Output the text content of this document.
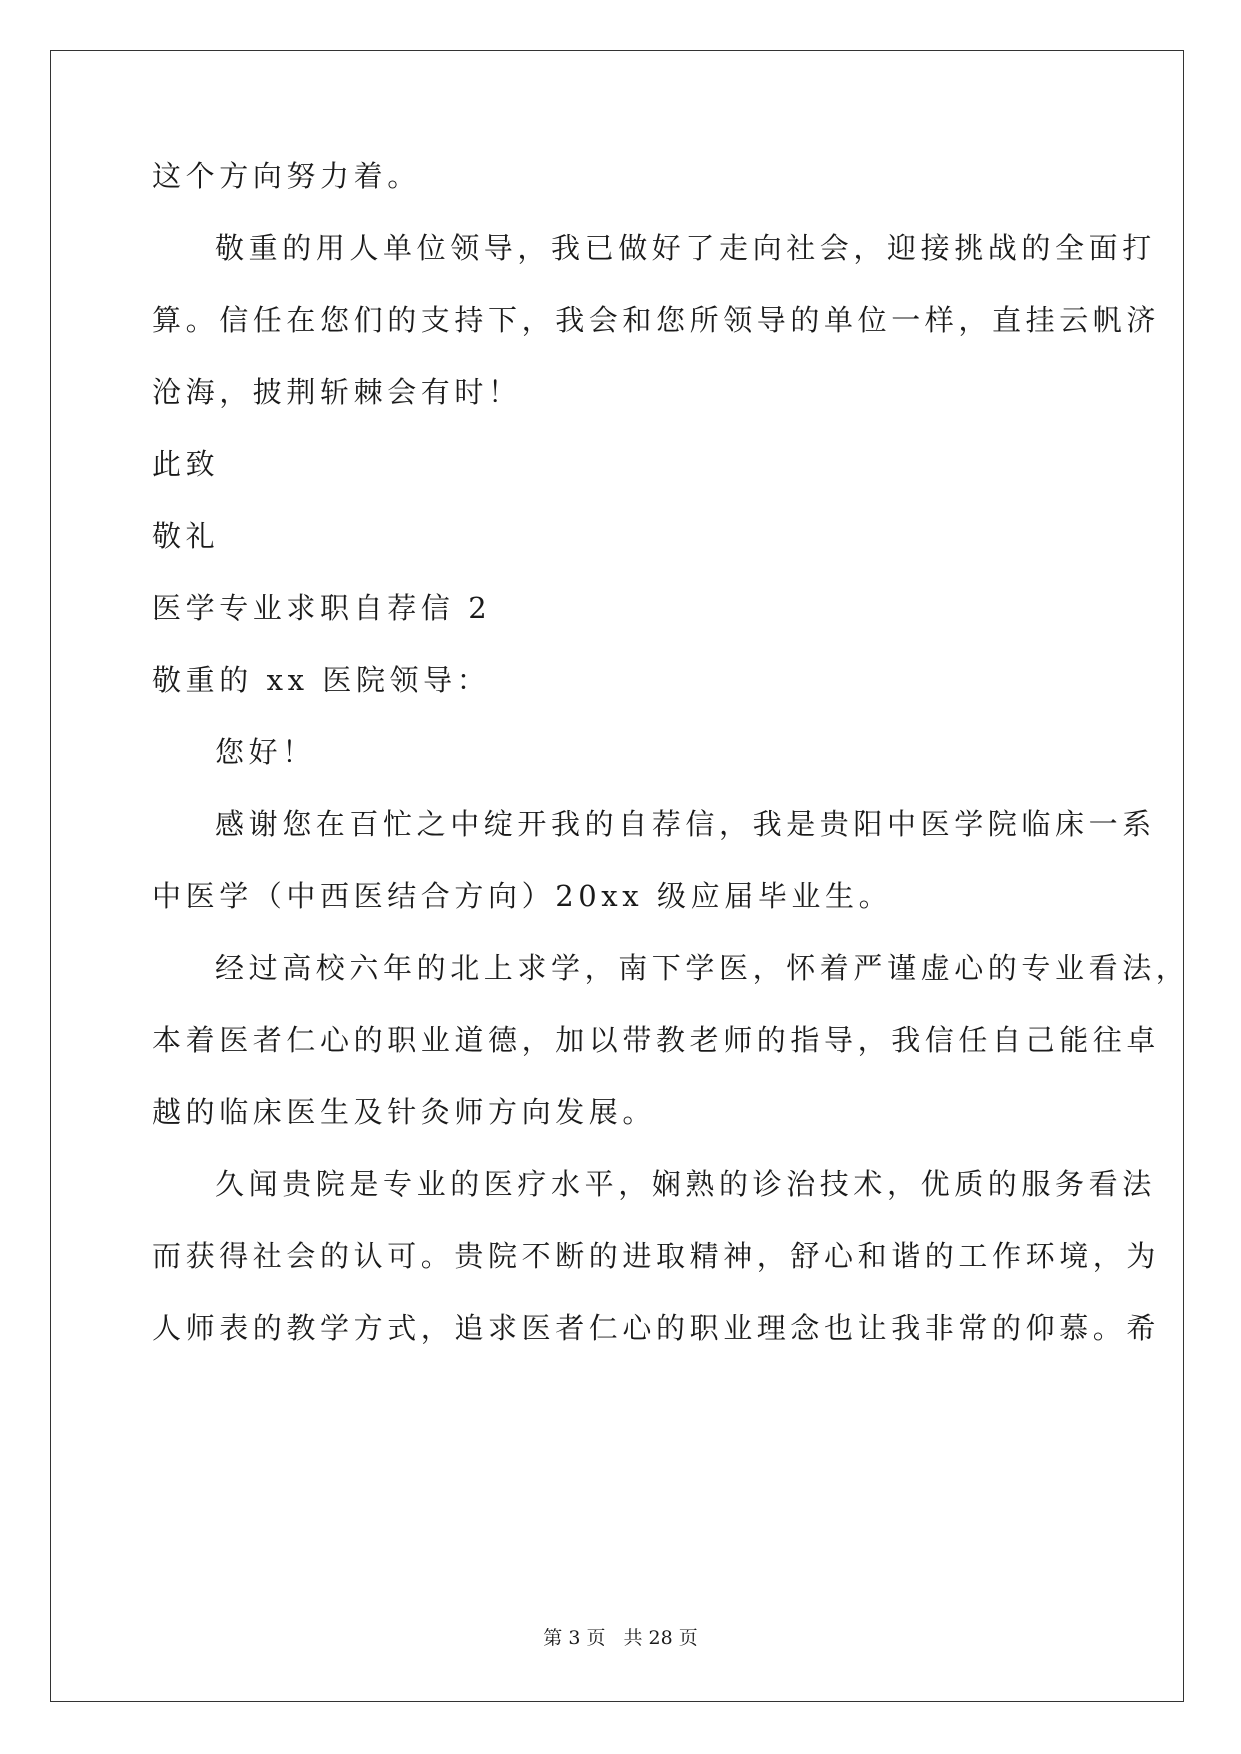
这个方向努力着。
敬重的用人单位领导，我已做好了走向社会，迎接挑战的全面打
算。信任在您们的支持下，我会和您所领导的单位一样，直挂云帆济
沧海，披荆斩棘会有时！
此致
敬礼
医学专业求职自荐信 2
敬重的 xx 医院领导：
您好！
感谢您在百忙之中绽开我的自荐信，我是贵阳中医学院临床一系
中医学（中西医结合方向）20xx 级应届毕业生。
经过高校六年的北上求学，南下学医，怀着严谨虚心的专业看法，
本着医者仁心的职业道德，加以带教老师的指导，我信任自己能往卓
越的临床医生及针灸师方向发展。
久闻贵院是专业的医疗水平，娴熟的诊治技术，优质的服务看法
而获得社会的认可。贵院不断的进取精神，舒心和谐的工作环境，为
人师表的教学方式，追求医者仁心的职业理念也让我非常的仰慕。希
第 3 页 共 28 页
